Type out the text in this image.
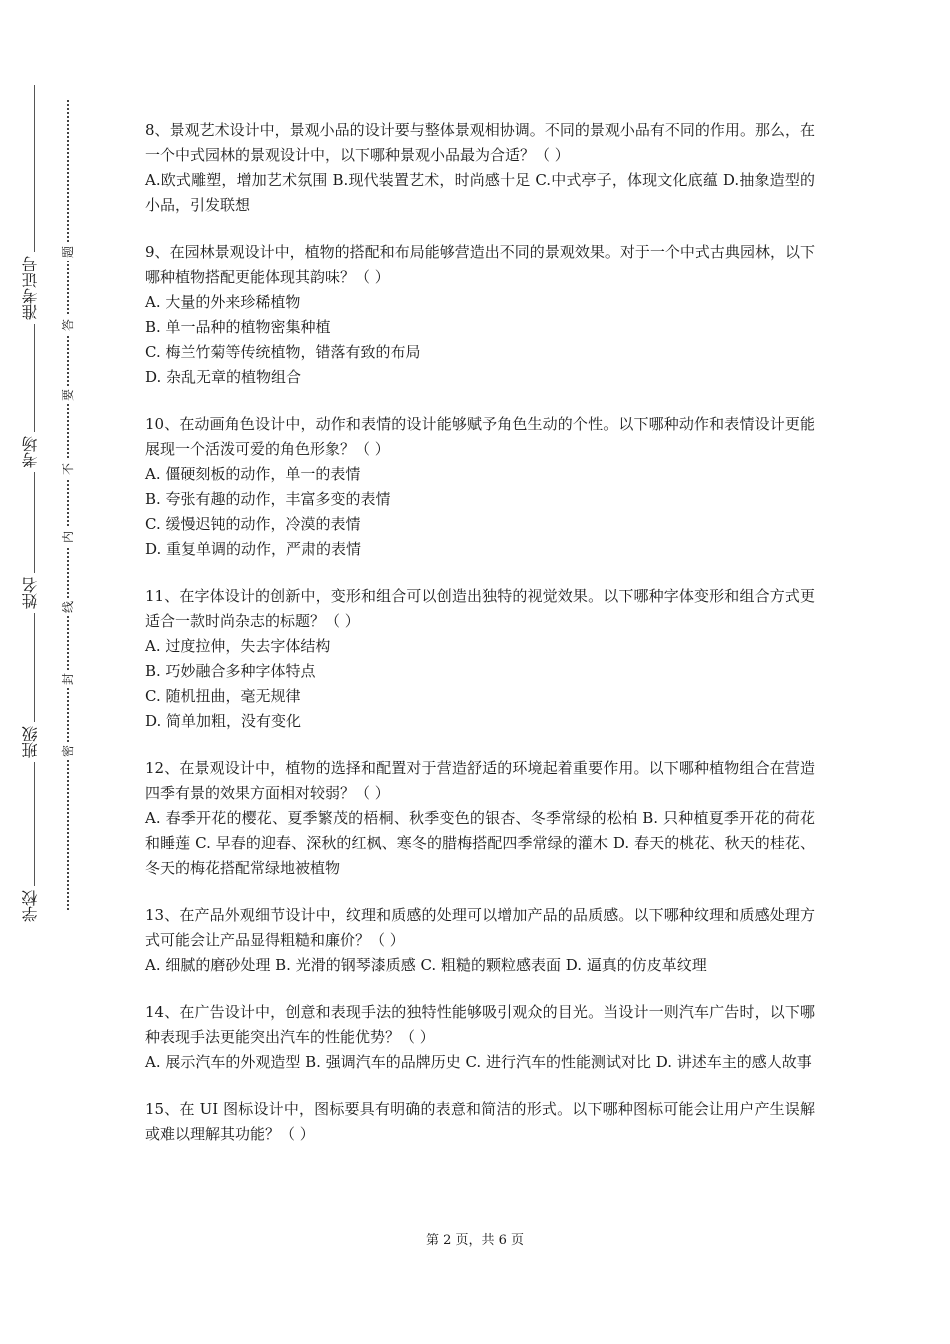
准考证号
考场
姓名
班级
学校
题
答
要
不
内
线
封
密

8、景观艺术设计中，景观小品的设计要与整体景观相协调。不同的景观小品有不同的作用。那么，在一个中式园林的景观设计中，以下哪种景观小品最为合适？（ ）

A.欧式雕塑，增加艺术氛围 B.现代装置艺术，时尚感十足 C.中式亭子，体现文化底蕴 D.抽象造型的小品，引发联想

9、在园林景观设计中，植物的搭配和布局能够营造出不同的景观效果。对于一个中式古典园林，以下哪种植物搭配更能体现其韵味？（ ）

A. 大量的外来珍稀植物
B. 单一品种的植物密集种植
C. 梅兰竹菊等传统植物，错落有致的布局
D. 杂乱无章的植物组合

10、在动画角色设计中，动作和表情的设计能够赋予角色生动的个性。以下哪种动作和表情设计更能展现一个活泼可爱的角色形象？（ ）

A. 僵硬刻板的动作，单一的表情
B. 夸张有趣的动作，丰富多变的表情
C. 缓慢迟钝的动作，冷漠的表情
D. 重复单调的动作，严肃的表情

11、在字体设计的创新中，变形和组合可以创造出独特的视觉效果。以下哪种字体变形和组合方式更适合一款时尚杂志的标题？（ ）

A. 过度拉伸，失去字体结构
B. 巧妙融合多种字体特点
C. 随机扭曲，毫无规律
D. 简单加粗，没有变化

12、在景观设计中，植物的选择和配置对于营造舒适的环境起着重要作用。以下哪种植物组合在营造四季有景的效果方面相对较弱？（ ）

A. 春季开花的樱花、夏季繁茂的梧桐、秋季变色的银杏、冬季常绿的松柏 B. 只种植夏季开花的荷花和睡莲 C. 早春的迎春、深秋的红枫、寒冬的腊梅搭配四季常绿的灌木 D. 春天的桃花、秋天的桂花、冬天的梅花搭配常绿地被植物

13、在产品外观细节设计中，纹理和质感的处理可以增加产品的品质感。以下哪种纹理和质感处理方式可能会让产品显得粗糙和廉价？（ ）

A. 细腻的磨砂处理 B. 光滑的钢琴漆质感 C. 粗糙的颗粒感表面 D. 逼真的仿皮革纹理

14、在广告设计中，创意和表现手法的独特性能够吸引观众的目光。当设计一则汽车广告时，以下哪种表现手法更能突出汽车的性能优势？（ ）

A. 展示汽车的外观造型 B. 强调汽车的品牌历史 C. 进行汽车的性能测试对比 D. 讲述车主的感人故事

15、在 UI 图标设计中，图标要具有明确的表意和简洁的形式。以下哪种图标可能会让用户产生误解或难以理解其功能？（ ）

第 2 页，共 6 页
